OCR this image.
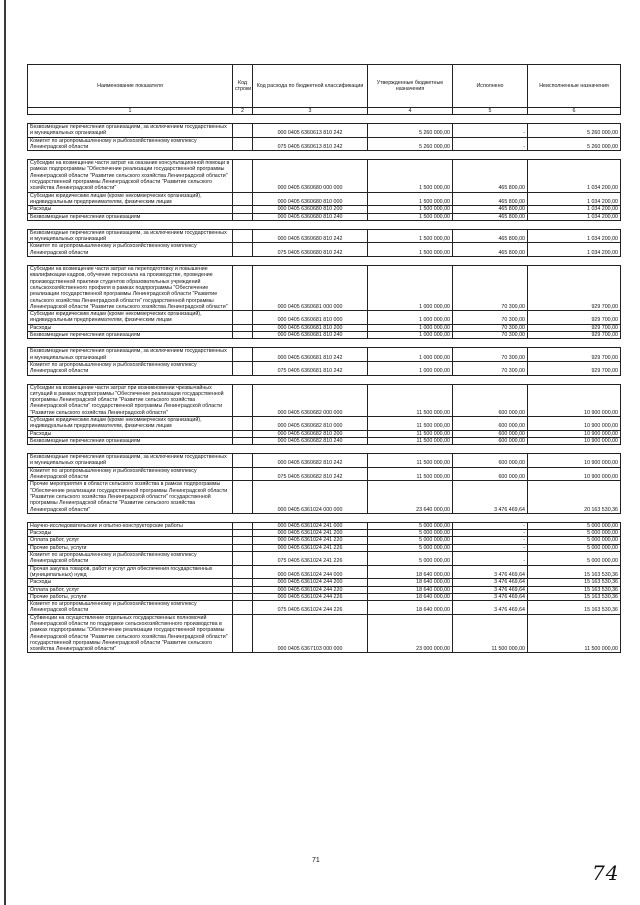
Наименование показателя	Код строки	Код расхода по бюджетной классификации	Утвержденные бюджетные назначения	Исполнено	Неисполненные назначения
1	2	3	4	5	6

Безвозмездные перечисления организациям, за исключением государственных и муниципальных организаций		000 0405 6360613 810 242	5 260 000,00	-	5 260 000,00
Комитет по агропромышленному и рыбохозяйственному комплексу Ленинградской области		075 0405 6360613 810 242	5 260 000,00	-	5 260 000,00

Субсидии на возмещение части затрат на оказание консультационной помощи в рамках подпрограммы "Обеспечение реализации государственной программы Ленинградской области "Развитие сельского хозяйства Ленинградской области" государственной программы Ленинградской области "Развитие сельского хозяйства Ленинградской области"		000 0405 6360680 000 000	1 500 000,00	465 800,00	1 034 200,00
Субсидии юридическим лицам (кроме некоммерческих организаций), индивидуальным предпринимателям, физическим лицам		000 0405 6360680 810 000	1 500 000,00	465 800,00	1 034 200,00
Расходы		000 0405 6360680 810 200	1 500 000,00	465 800,00	1 034 200,00
Безвозмездные перечисления организациям		000 0405 6360680 810 240	1 500 000,00	465 800,00	1 034 200,00

Безвозмездные перечисления организациям, за исключением государственных и муниципальных организаций		000 0405 6360680 810 242	1 500 000,00	465 800,00	1 034 200,00
Комитет по агропромышленному и рыбохозяйственному комплексу Ленинградской области		075 0405 6360680 810 242	1 500 000,00	465 800,00	1 034 200,00

Субсидии на возмещение части затрат на переподготовку и повышение квалификации кадров, обучение персонала на производстве, проведение производственной практики студентов образовательных учреждений сельскохозяйственного профиля в рамках подпрограммы "Обеспечение реализации государственной программы Ленинградской области "Развитие сельского хозяйства Ленинградской области" государственной программы Ленинградской области "Развитие сельского хозяйства Ленинградской области"		000 0405 6360681 000 000	1 000 000,00	70 300,00	929 700,00
Субсидии юридическим лицам (кроме некоммерческих организаций), индивидуальным предпринимателям, физическим лицам		000 0405 6360681 810 000	1 000 000,00	70 300,00	929 700,00
Расходы		000 0405 6360681 810 200	1 000 000,00	70 300,00	929 700,00
Безвозмездные перечисления организациям		000 0405 6360681 810 240	1 000 000,00	70 300,00	929 700,00

Безвозмездные перечисления организациям, за исключением государственных и муниципальных организаций		000 0405 6360681 810 242	1 000 000,00	70 300,00	929 700,00
Комитет по агропромышленному и рыбохозяйственному комплексу Ленинградской области		075 0405 6360681 810 242	1 000 000,00	70 300,00	929 700,00

Субсидии на возмещение части затрат при возникновении чрезвычайных ситуаций в рамках подпрограммы "Обеспечение реализации государственной программы Ленинградской области "Развитие сельского хозяйства Ленинградской области" государственной программы Ленинградской области "Развитие сельского хозяйства Ленинградской области"		000 0405 6360682 000 000	11 500 000,00	600 000,00	10 900 000,00
Субсидии юридическим лицам (кроме некоммерческих организаций), индивидуальным предпринимателям, физическим лицам		000 0405 6360682 810 000	11 500 000,00	600 000,00	10 900 000,00
Расходы		000 0405 6360682 810 200	11 500 000,00	600 000,00	10 900 000,00
Безвозмездные перечисления организациям		000 0405 6360682 810 240	11 500 000,00	600 000,00	10 900 000,00

Безвозмездные перечисления организациям, за исключением государственных и муниципальных организаций		000 0405 6360682 810 242	11 500 000,00	600 000,00	10 900 000,00
Комитет по агропромышленному и рыбохозяйственному комплексу Ленинградской области		075 0405 6360682 810 242	11 500 000,00	600 000,00	10 900 000,00
Прочие мероприятия в области сельского хозяйства в рамках подпрограммы "Обеспечение реализации государственной программы Ленинградской области "Развитие сельского хозяйства Ленинградской области" государственной программы Ленинградской области "Развитие сельского хозяйства Ленинградской области"		000 0405 6361024 000 000	23 640 000,00	3 476 469,64	20 163 530,36

Научно-исследовательские и опытно-конструкторские работы		000 0405 6361024 241 000	5 000 000,00	-	5 000 000,00
Расходы		000 0405 6361024 241 200	5 000 000,00	-	5 000 000,00
Оплата работ, услуг		000 0405 6361024 241 220	5 000 000,00	-	5 000 000,00
Прочие работы, услуги		000 0405 6361024 241 226	5 000 000,00	-	5 000 000,00
Комитет по агропромышленному и рыбохозяйственному комплексу Ленинградской области		075 0405 6361024 241 226	5 000 000,00	-	5 000 000,00
Прочая закупка товаров, работ и услуг для обеспечения государственных (муниципальных) нужд		000 0405 6361024 244 000	18 640 000,00	3 476 469,64	15 163 530,36
Расходы		000 0405 6361024 244 200	18 640 000,00	3 476 469,64	15 163 530,36
Оплата работ, услуг		000 0405 6361024 244 220	18 640 000,00	3 476 469,64	15 163 530,36
Прочие работы, услуги		000 0405 6361024 244 226	18 640 000,00	3 476 469,64	15 163 530,36
Комитет по агропромышленному и рыбохозяйственному комплексу Ленинградской области		075 0405 6361024 244 226	18 640 000,00	3 476 469,64	15 163 530,36
Субвенции на осуществление отдельных государственных полномочий Ленинградской области по поддержке сельскохозяйственного производства в рамках подпрограммы "Обеспечение реализации государственной программы Ленинградской области "Развитие сельского хозяйства Ленинградской области" государственной программы Ленинградской области "Развитие сельского хозяйства Ленинградской области"		000 0405 6367103 000 000	23 000 000,00	11 500 000,00	11 500 000,00
71
74
